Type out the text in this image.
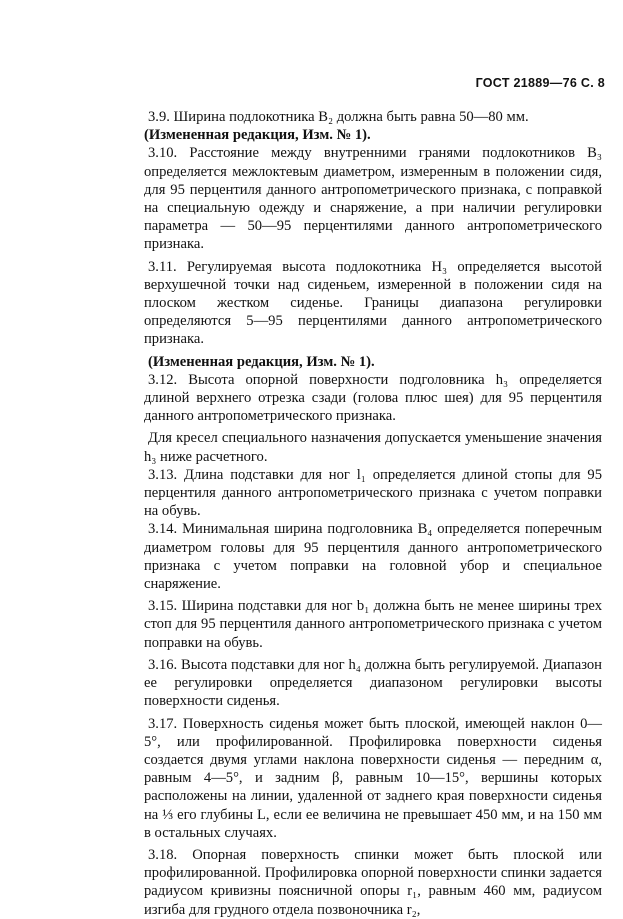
ГОСТ 21889—76 С. 8

3.9. Ширина подлокотника B₂ должна быть равна 50—80 мм.

(Измененная редакция, Изм. № 1).

3.10. Расстояние между внутренними гранями подлокотников B₃ определяется межлоктевым диаметром, измеренным в положении сидя, для 95 перцентиля данного антропометрического признака, с поправкой на специальную одежду и снаряжение, а при наличии регулировки параметра — 50—95 перцентилями данного антропометрического признака.

3.11. Регулируемая высота подлокотника H₃ определяется высотой верхушечной точки над сиденьем, измеренной в положении сидя на плоском жестком сиденье. Границы диапазона регулировки определяются 5—95 перцентилями данного антропометрического признака.

(Измененная редакция, Изм. № 1).

3.12. Высота опорной поверхности подголовника h₃ определяется длиной верхнего отрезка сзади (голова плюс шея) для 95 перцентиля данного антропометрического признака.

Для кресел специального назначения допускается уменьшение значения h₃ ниже расчетного.

3.13. Длина подставки для ног l₁ определяется длиной стопы для 95 перцентиля данного антропометрического признака с учетом поправки на обувь.

3.14. Минимальная ширина подголовника B₄ определяется поперечным диаметром головы для 95 перцентиля данного антропометрического признака с учетом поправки на головной убор и специальное снаряжение.

3.15. Ширина подставки для ног b₁ должна быть не менее ширины трех стоп для 95 перцентиля данного антропометрического признака с учетом поправки на обувь.

3.16. Высота подставки для ног h₄ должна быть регулируемой. Диапазон ее регулировки определяется диапазоном регулировки высоты поверхности сиденья.

3.17. Поверхность сиденья может быть плоской, имеющей наклон 0—5°, или профилированной. Профилировка поверхности сиденья создается двумя углами наклона поверхности сиденья — передним α, равным 4—5°, и задним β, равным 10—15°, вершины которых расположены на линии, удаленной от заднего края поверхности сиденья на ⅓ его глубины L, если ее величина не превышает 450 мм, и на 150 мм в остальных случаях.

3.18. Опорная поверхность спинки может быть плоской или профилированной. Профилировка опорной поверхности спинки задается радиусом кривизны поясничной опоры r₁, равным 460 мм, радиусом изгиба для грудного отдела позвоночника r₂,
